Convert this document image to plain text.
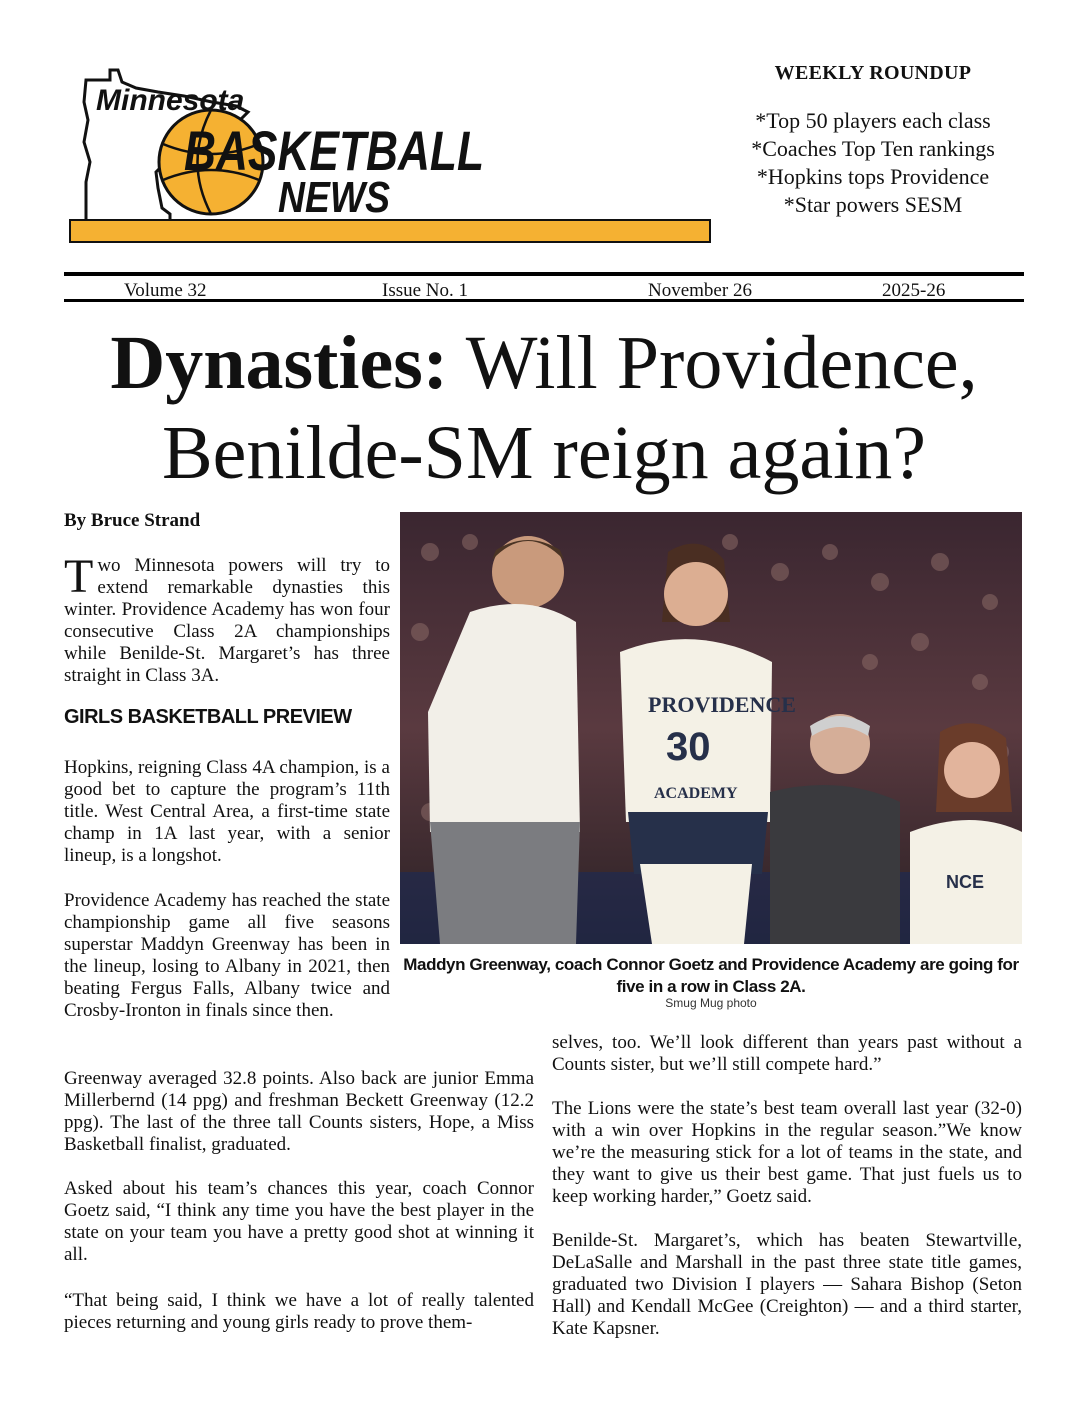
Minnesota
BASKETBALL
NEWS
WEEKLY ROUNDUP
*Top 50 players each class
*Coaches Top Ten rankings
*Hopkins tops Providence
*Star powers SESM
Volume 32	Issue No. 1	November 26	2025-26
Dynasties: Will Providence,
Benilde-SM reign again?
By Bruce Strand

Two Minnesota powers will try to extend remarkable dynasties this winter. Providence Academy has won four consecutive Class 2A championships while Benilde-St. Margaret’s has three straight in Class 3A.

GIRLS BASKETBALL PREVIEW

Hopkins, reigning Class 4A champion, is a good bet to capture the program’s 11th title. West Central Area, a first-time state champ in 1A last year, with a senior lineup, is a longshot.

Providence Academy has reached the state championship game all five seasons superstar Maddyn Greenway has been in the lineup, losing to Albany in 2021, then beating Fergus Falls, Albany twice and Crosby-Ironton in finals since then.

Greenway averaged 32.8 points. Also back are junior Emma Millerbernd (14 ppg) and freshman Beckett Greenway (12.2 ppg). The last of the three tall Counts sisters, Hope, a Miss Basketball finalist, graduated.

Asked about his team’s chances this year, coach Connor Goetz said, “I think any time you have the best player in the state on your team you have a pretty good shot at winning it all.

“That being said, I think we have a lot of really talented pieces returning and young girls ready to prove them-

PROVIDENCE
30
ACADEMY
NCE
Maddyn Greenway, coach Connor Goetz and Providence Academy are going for five in a row in Class 2A.
Smug Mug photo

selves, too. We’ll look different than years past without a Counts sister, but we’ll still compete hard.”

The Lions were the state’s best team overall last year (32-0) with a win over Hopkins in the regular season.”We know we’re the measuring stick for a lot of teams in the state, and they want to give us their best game. That just fuels us to keep working harder,” Goetz said.

Benilde-St. Margaret’s, which has beaten Stewartville, DeLaSalle and Marshall in the past three state title games, graduated two Division I players — Sahara Bishop (Seton Hall) and Kendall McGee (Creighton) — and a third starter, Kate Kapsner.
